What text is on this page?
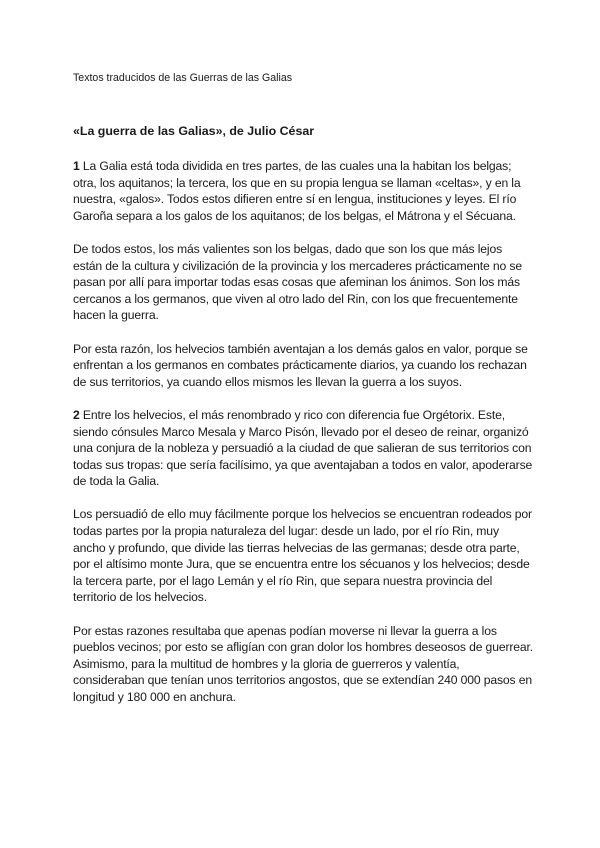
Textos traducidos de las Guerras de las Galias
«La guerra de las Galias», de Julio César

1 La Galia está toda dividida en tres partes, de las cuales una la habitan los belgas; otra, los aquitanos; la tercera, los que en su propia lengua se llaman «celtas», y en la nuestra, «galos». Todos estos difieren entre sí en lengua, instituciones y leyes. El río Garoña separa a los galos de los aquitanos; de los belgas, el Mátrona y el Sécuana.

De todos estos, los más valientes son los belgas, dado que son los que más lejos están de la cultura y civilización de la provincia y los mercaderes prácticamente no se pasan por allí para importar todas esas cosas que afeminan los ánimos. Son los más cercanos a los germanos, que viven al otro lado del Rin, con los que frecuentemente hacen la guerra.

Por esta razón, los helvecios también aventajan a los demás galos en valor, porque se enfrentan a los germanos en combates prácticamente diarios, ya cuando los rechazan de sus territorios, ya cuando ellos mismos les llevan la guerra a los suyos.

2 Entre los helvecios, el más renombrado y rico con diferencia fue Orgétorix. Este, siendo cónsules Marco Mesala y Marco Pisón, llevado por el deseo de reinar, organizó una conjura de la nobleza y persuadió a la ciudad de que salieran de sus territorios con todas sus tropas: que sería facilísimo, ya que aventajaban a todos en valor, apoderarse de toda la Galia.

Los persuadió de ello muy fácilmente porque los helvecios se encuentran rodeados por todas partes por la propia naturaleza del lugar: desde un lado, por el río Rin, muy ancho y profundo, que divide las tierras helvecias de las germanas; desde otra parte, por el altísimo monte Jura, que se encuentra entre los sécuanos y los helvecios; desde la tercera parte, por el lago Lemán y el río Rin, que separa nuestra provincia del territorio de los helvecios.

Por estas razones resultaba que apenas podían moverse ni llevar la guerra a los pueblos vecinos; por esto se afligían con gran dolor los hombres deseosos de guerrear. Asimismo, para la multitud de hombres y la gloria de guerreros y valentía, consideraban que tenían unos territorios angostos, que se extendían 240 000 pasos en longitud y 180 000 en anchura.
